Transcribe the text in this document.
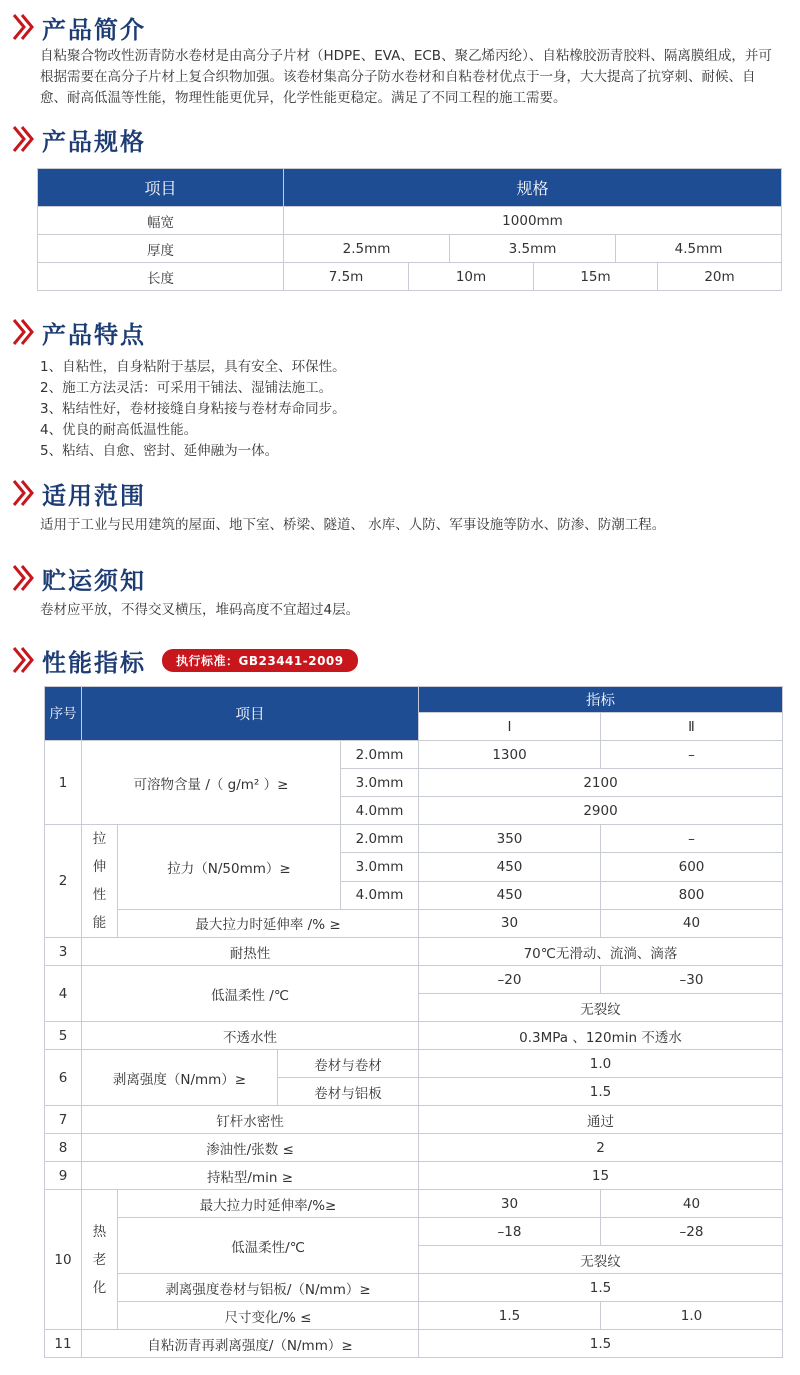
产品简介
自粘聚合物改性沥青防水卷材是由高分子片材（HDPE、EVA、ECB、聚乙烯丙纶）、自粘橡胶沥青胶料、隔离膜组成，并可根据需要在高分子片材上复合织物加强。该卷材集高分子防水卷材和自粘卷材优点于一身，大大提高了抗穿刺、耐候、自愈、耐高低温等性能，物理性能更优异，化学性能更稳定。满足了不同工程的施工需要。
产品规格
项目	规格					
幅宽	1000mm					
厚度	2.5mm		3.5mm		4.5mm	
长度	7.5m	10m		15m		20m
产品特点

1、自粘性，自身粘附于基层，具有安全、环保性。

2、施工方法灵活：可采用干铺法、湿铺法施工。

3、粘结性好，卷材接缝自身粘接与卷材寿命同步。

4、优良的耐高低温性能。

5、粘结、自愈、密封、延伸融为一体。

适用范围
适用于工业与民用建筑的屋面、地下室、桥梁、隧道、 水库、人防、军事设施等防水、防渗、防潮工程。
贮运须知
卷材应平放，不得交叉横压，堆码高度不宜超过4层。
性能指标	执行标准：GB23441-2009
序号	项目				指标	
					Ⅰ	Ⅱ
1	可溶物含量 /（ g/m² ）≥			2.0mm	1300	–
				3.0mm	2100	
				4.0mm	2900	
2	拉
伸
性
能	拉力（N/50mm）≥		2.0mm	350	–
				3.0mm	450	600
				4.0mm	450	800
		最大拉力时延伸率 /% ≥			30	40
3	耐热性				70℃无滑动、流淌、滴落	
4	低温柔性 /℃				–20	–30
					无裂纹	
5	不透水性				0.3MPa 、120min 不透水	
6	剥离强度（N/mm）≥		卷材与卷材		1.0	
			卷材与铝板		1.5	
7	钉杆水密性				通过	
8	渗油性/张数 ≤				2	
9	持粘型/min ≥				15	
10	热
老
化	最大拉力时延伸率/%≥			30	40
		低温柔性/℃			–18	–28
					无裂纹	
		剥离强度卷材与铝板/（N/mm）≥			1.5	
		尺寸变化/% ≤			1.5	1.0
11	自粘沥青再剥离强度/（N/mm）≥				1.5	
